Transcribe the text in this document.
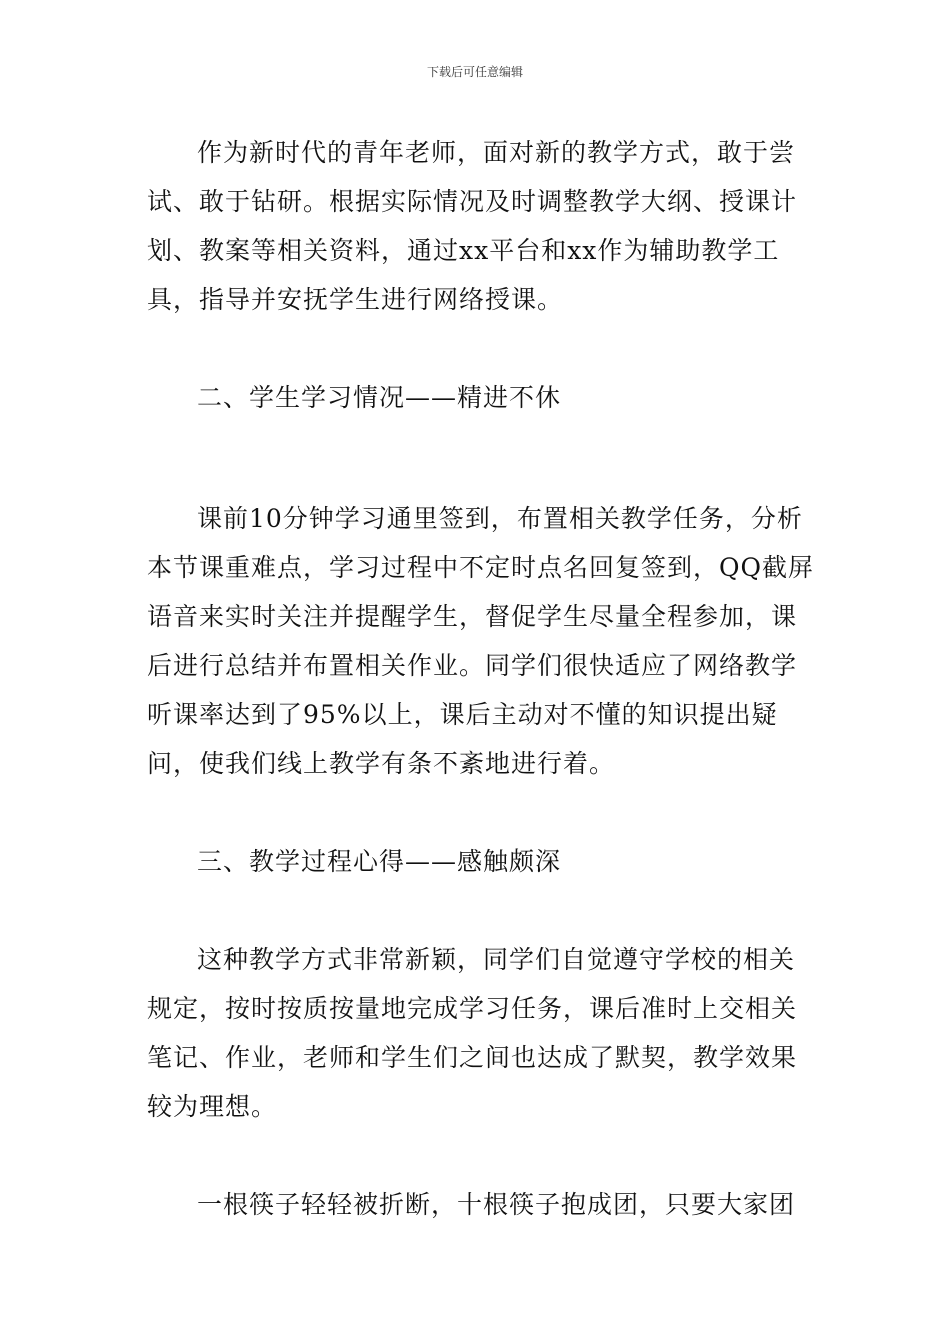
下载后可任意编辑

作为新时代的青年老师，面对新的教学方式，敢于尝试、敢于钻研。根据实际情况及时调整教学大纲、授课计划、教案等相关资料，通过xx平台和xx作为辅助教学工具，指导并安抚学生进行网络授课。

二、学生学习情况——精进不休

课前10分钟学习通里签到，布置相关教学任务，分析本节课重难点，学习过程中不定时点名回复签到，QQ截屏语音来实时关注并提醒学生，督促学生尽量全程参加，课后进行总结并布置相关作业。同学们很快适应了网络教学听课率达到了95%以上，课后主动对不懂的知识提出疑问，使我们线上教学有条不紊地进行着。

三、教学过程心得——感触颇深

这种教学方式非常新颖，同学们自觉遵守学校的相关规定，按时按质按量地完成学习任务，课后准时上交相关笔记、作业，老师和学生们之间也达成了默契，教学效果较为理想。

一根筷子轻轻被折断，十根筷子抱成团，只要大家团
